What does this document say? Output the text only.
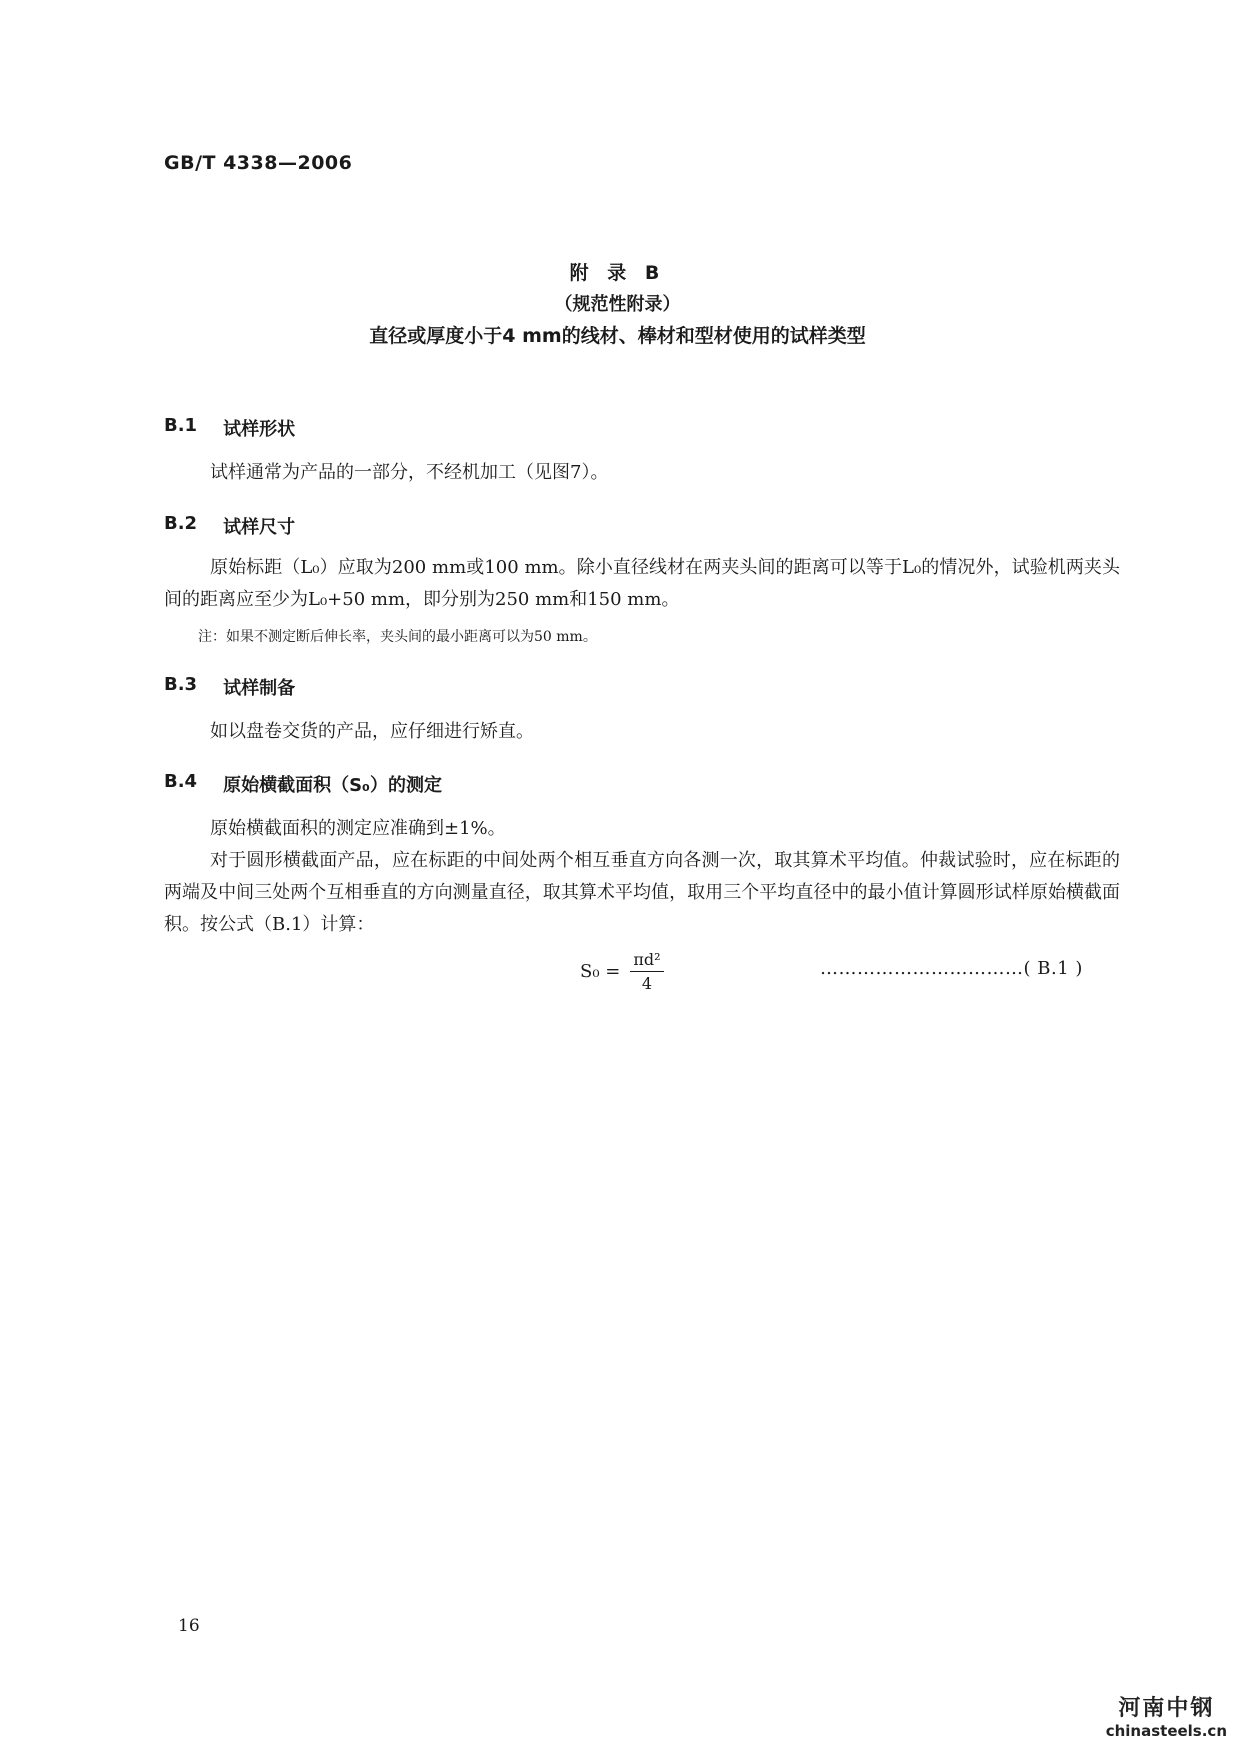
GB/T 4338—2006
附 录 B
（规范性附录）
直径或厚度小于4 mm的线材、棒材和型材使用的试样类型
B.1 试样形状
试样通常为产品的一部分，不经机加工（见图7）。
B.2 试样尺寸
原始标距（L₀）应取为200 mm或100 mm。除小直径线材在两夹头间的距离可以等于L₀的情况外，试验机两夹头间的距离应至少为L₀+50 mm，即分别为250 mm和150 mm。
注：如果不测定断后伸长率，夹头间的最小距离可以为50 mm。
B.3 试样制备
如以盘卷交货的产品，应仔细进行矫直。
B.4 原始横截面积（S₀）的测定
原始横截面积的测定应准确到±1%。
对于圆形横截面产品，应在标距的中间处两个相互垂直方向各测一次，取其算术平均值。仲裁试验时，应在标距的两端及中间三处两个互相垂直的方向测量直径，取其算术平均值，取用三个平均直径中的最小值计算圆形试样原始横截面积。按公式（B.1）计算：
$S_0 = \frac{\text{πd²}}{4}$	……………………………( B.1 )
16
河南中钢
chinasteels.cn
